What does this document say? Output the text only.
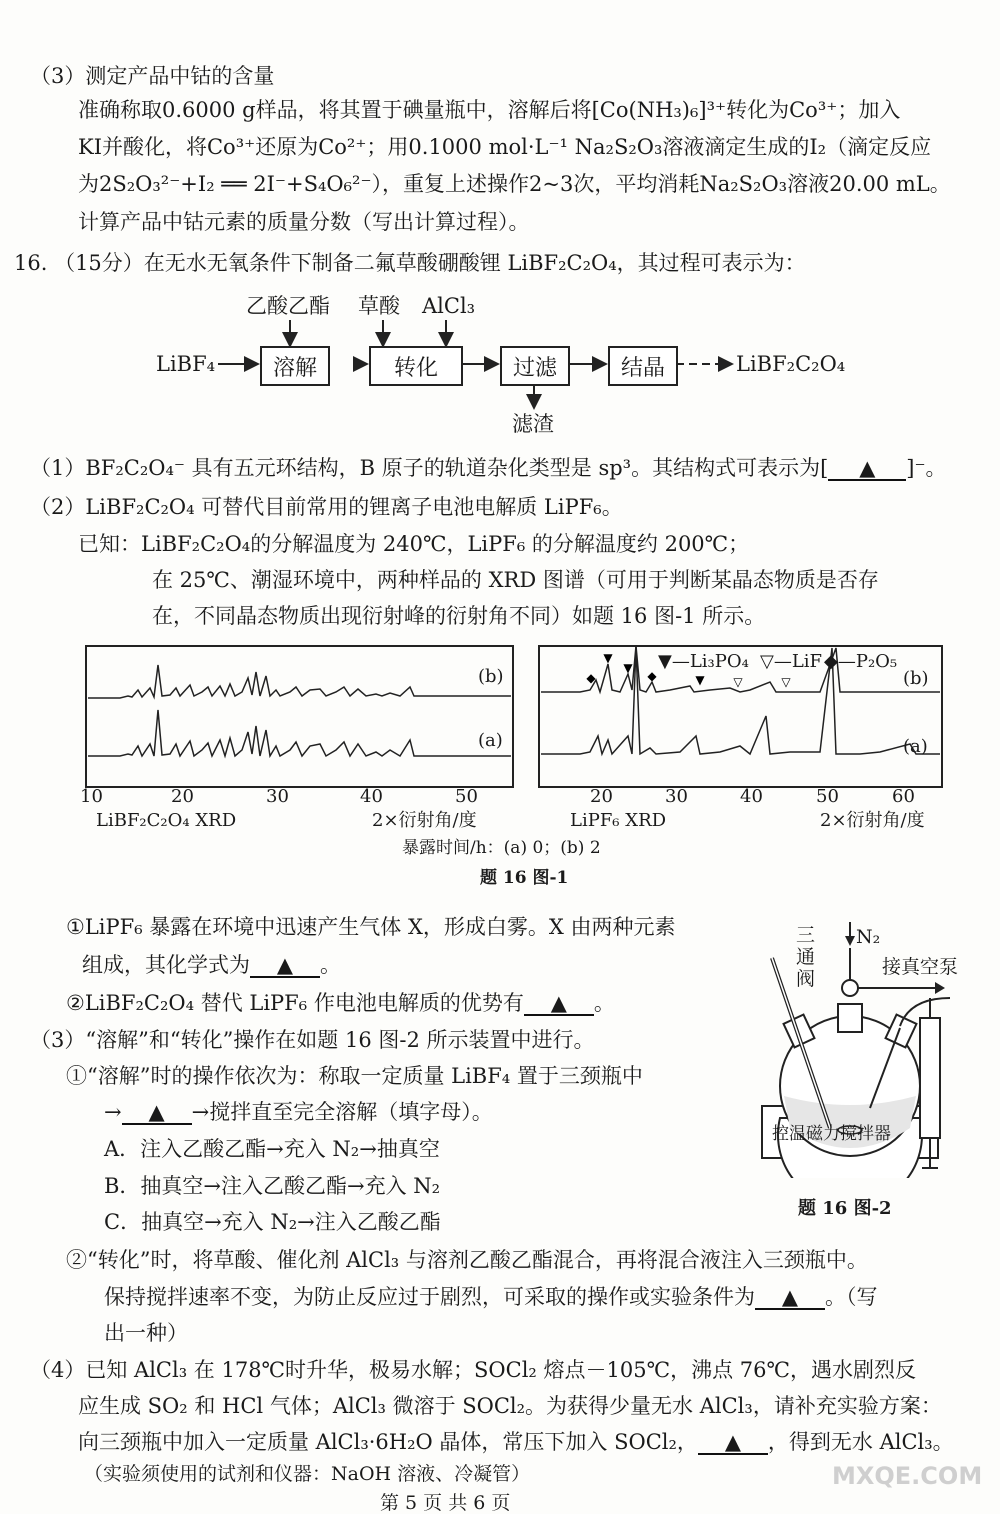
（3）测定产品中钴的含量
准确称取0.6000 g样品，将其置于碘量瓶中，溶解后将[Co(NH₃)₆]³⁺转化为Co³⁺；加入
KI并酸化，将Co³⁺还原为Co²⁺；用0.1000 mol·L⁻¹ Na₂S₂O₃溶液滴定生成的I₂（滴定反应
为2S₂O₃²⁻+I₂ ══ 2I⁻+S₄O₆²⁻），重复上述操作2~3次，平均消耗Na₂S₂O₃溶液20.00 mL。
计算产品中钴元素的质量分数（写出计算过程）。
16. （15分）在无水无氧条件下制备二氟草酸硼酸锂 LiBF₂C₂O₄，其过程可表示为：
乙酸乙酯 草酸 AlCl₃
LiBF₄	溶解	转化	过滤	结晶	LiBF₂C₂O₄
滤渣
（1）BF₂C₂O₄⁻ 具有五元环结构，B 原子的轨道杂化类型是 sp³。其结构式可表示为[ ▲ ]⁻。
（2）LiBF₂C₂O₄ 可替代目前常用的锂离子电池电解质 LiPF₆。
已知：LiBF₂C₂O₄的分解温度为 240℃，LiPF₆ 的分解温度约 200℃；
在 25℃、潮湿环境中，两种样品的 XRD 图谱（可用于判断某晶态物质是否存
在，不同晶态物质出现衍射峰的衍射角不同）如题 16 图-1 所示。
◆
▼
▼
◆	▼ ▽	▽
(b)
(a)
(b)
(a)
▼—Li₃PO₄ ▽—LiF ◆—P₂O₅
10	20	30	40	50	20	30	40	50	60
LiBF₂C₂O₄ XRD	2×衍射角/度	LiPF₆ XRD	2×衍射角/度
暴露时间/h：(a) 0；(b) 2
题 16 图-1
①LiPF₆ 暴露在环境中迅速产生气体 X，形成白雾。X 由两种元素
组成，其化学式为 ▲ 。
②LiBF₂C₂O₄ 替代 LiPF₆ 作电池电解质的优势有 ▲ 。
（3）“溶解”和“转化”操作在如题 16 图-2 所示装置中进行。
①“溶解”时的操作依次为：称取一定质量 LiBF₄ 置于三颈瓶中
→ ▲ →搅拌直至完全溶解（填字母）。
A．注入乙酸乙酯→充入 N₂→抽真空
B．抽真空→注入乙酸乙酯→充入 N₂
C．抽真空→充入 N₂→注入乙酸乙酯
三
通
阀
N₂
接真空泵
控温磁力搅拌器
题 16 图-2
②“转化”时，将草酸、催化剂 AlCl₃ 与溶剂乙酸乙酯混合，再将混合液注入三颈瓶中。
保持搅拌速率不变，为防止反应过于剧烈，可采取的操作或实验条件为 ▲ 。（写
出一种）
（4）已知 AlCl₃ 在 178℃时升华，极易水解；SOCl₂ 熔点－105℃，沸点 76℃，遇水剧烈反
应生成 SO₂ 和 HCl 气体；AlCl₃ 微溶于 SOCl₂。为获得少量无水 AlCl₃，请补充实验方案：
向三颈瓶中加入一定质量 AlCl₃·6H₂O 晶体，常压下加入 SOCl₂， ▲ ，得到无水 AlCl₃。
（实验须使用的试剂和仪器：NaOH 溶液、冷凝管）
第 5 页 共 6 页
MXQE.COM
